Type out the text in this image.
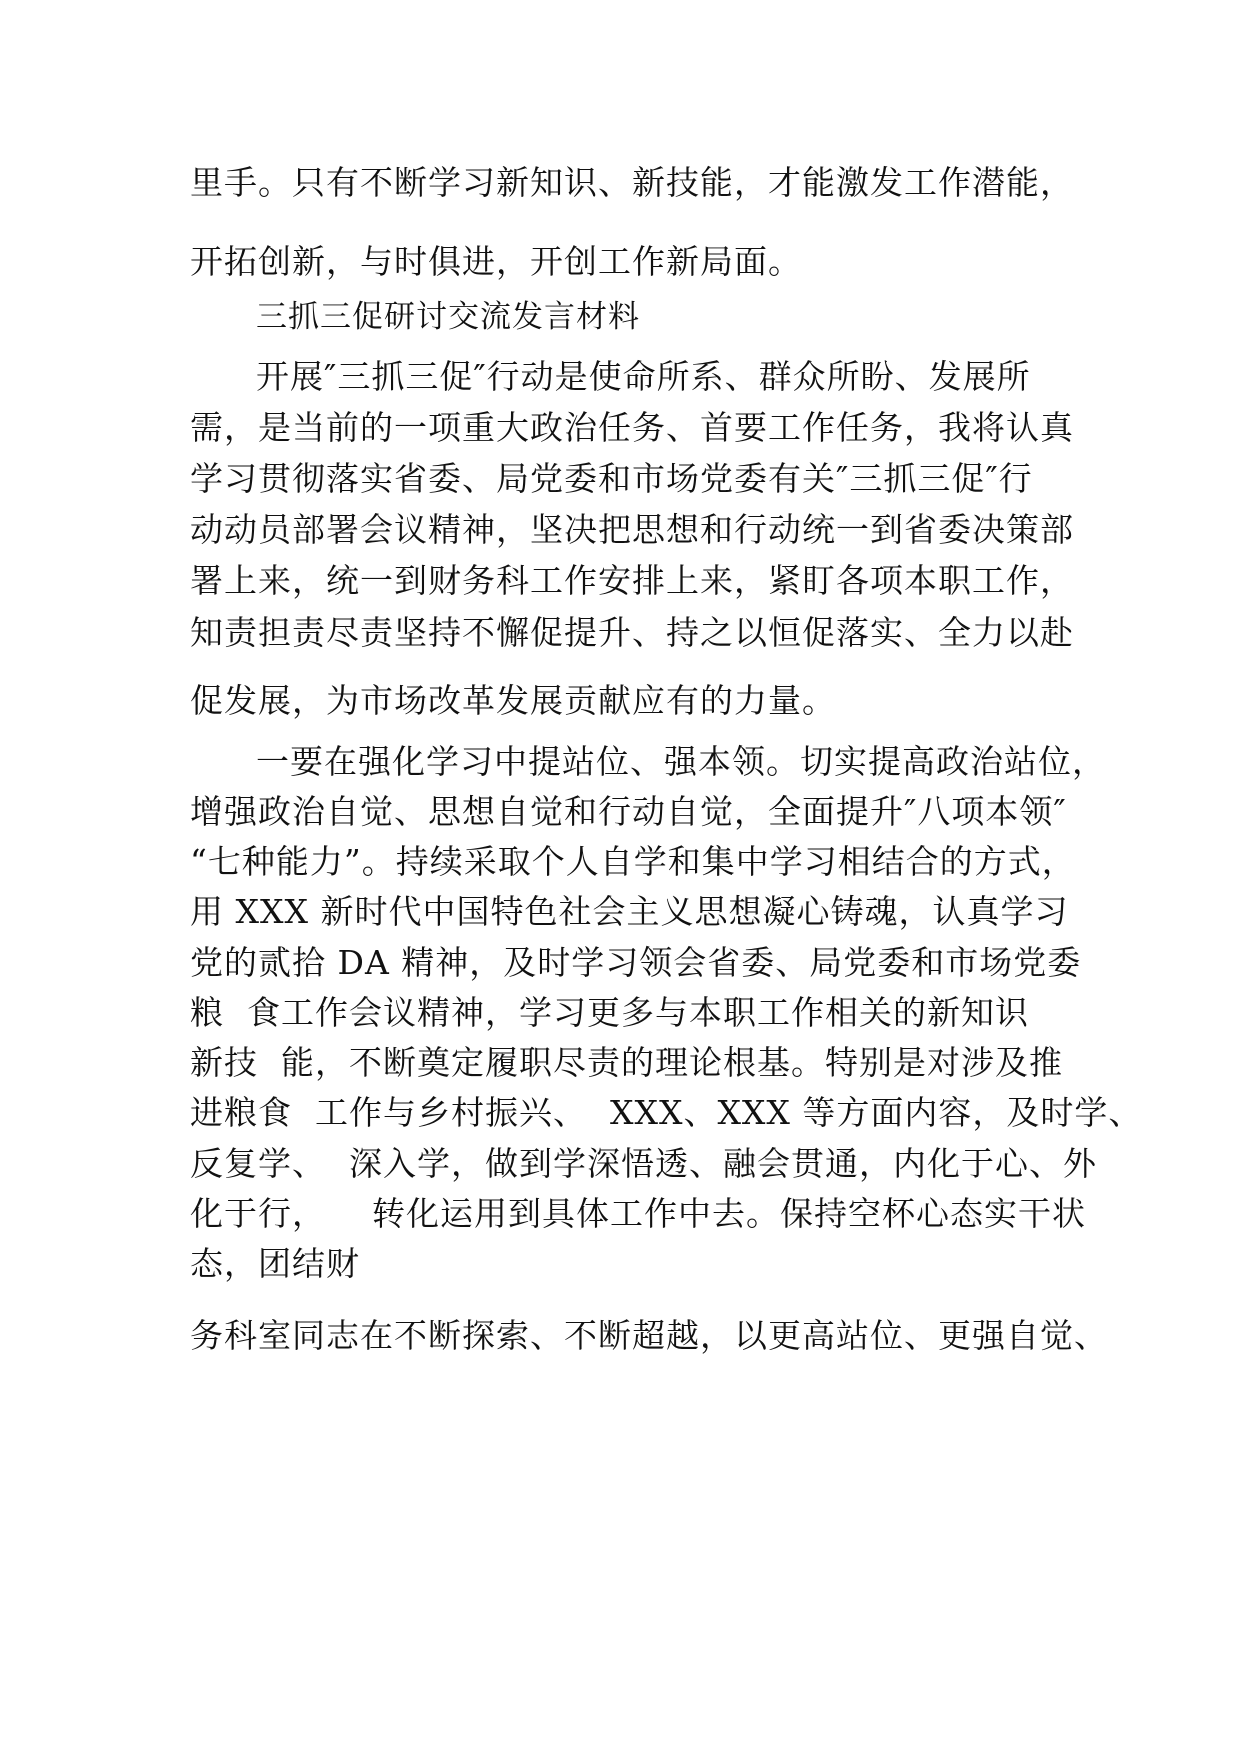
里手。只有不断学习新知识、新技能，才能激发工作潜能，
开拓创新，与时俱进，开创工作新局面。
三抓三促研讨交流发言材料
开展″三抓三促″行动是使命所系、群众所盼、发展所
需，是当前的一项重大政治任务、首要工作任务，我将认真
学习贯彻落实省委、局党委和市场党委有关″三抓三促″行
动动员部署会议精神，坚决把思想和行动统一到省委决策部
署上来，统一到财务科工作安排上来，紧盯各项本职工作，
知责担责尽责坚持不懈促提升、持之以恒促落实、全力以赴
促发展，为市场改革发展贡献应有的力量。
一要在强化学习中提站位、强本领。切实提高政治站位，
增强政治自觉、思想自觉和行动自觉，全面提升″八项本领″
“七种能力”。持续采取个人自学和集中学习相结合的方式，
用 XXX 新时代中国特色社会主义思想凝心铸魂，认真学习
党的贰拾 DA 精神，及时学习领会省委、局党委和市场党委
粮  食工作会议精神，学习更多与本职工作相关的新知识
新技  能，不断奠定履职尽责的理论根基。特别是对涉及推
进粮食  工作与乡村振兴、  XXX、XXX 等方面内容，及时学、
反复学、  深入学，做到学深悟透、融会贯通，内化于心、外
化于行，    转化运用到具体工作中去。保持空杯心态实干状
态，团结财
务科室同志在不断探索、不断超越，以更高站位、更强自觉、
